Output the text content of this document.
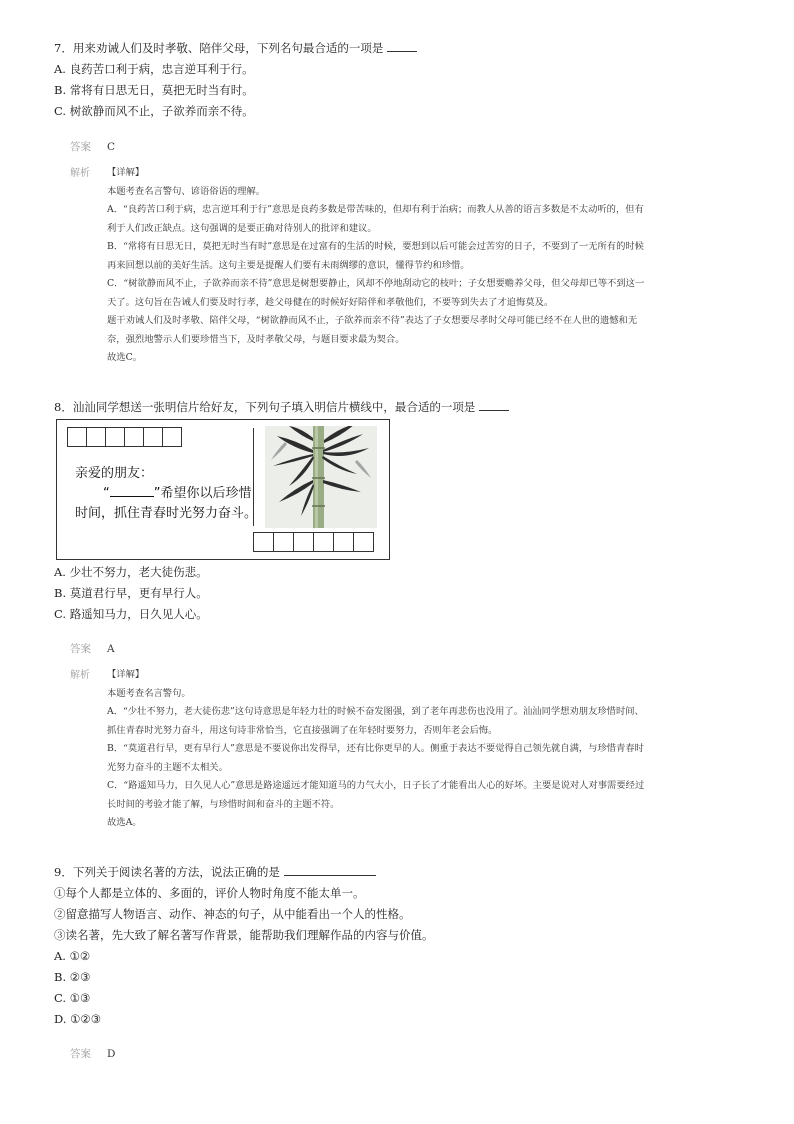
7．用来劝诫人们及时孝敬、陪伴父母，下列名句最合适的一项是
A. 良药苦口利于病，忠言逆耳利于行。
B. 常将有日思无日，莫把无时当有时。
C. 树欲静而风不止，子欲养而亲不待。
答案 C
解析 【详解】
本题考查名言警句、谚语俗语的理解。
A．“良药苦口利于病，忠言逆耳利于行”意思是良药多数是带苦味的，但却有利于治病；而教人从善的语言多数是不太动听的，但有
利于人们改正缺点。这句强调的是要正确对待别人的批评和建议。
B．“常将有日思无日，莫把无时当有时”意思是在过富有的生活的时候，要想到以后可能会过苦穷的日子，不要到了一无所有的时候
再来回想以前的美好生活。这句主要是提醒人们要有未雨绸缪的意识，懂得节约和珍惜。
C．“树欲静而风不止，子欲养而亲不待”意思是树想要静止，风却不停地刮动它的枝叶；子女想要赡养父母，但父母却已等不到这一
天了。这句旨在告诫人们要及时行孝，趁父母健在的时候好好陪伴和孝敬他们，不要等到失去了才追悔莫及。
题干劝诫人们及时孝敬、陪伴父母，“树欲静而风不止，子欲养而亲不待”表达了子女想要尽孝时父母可能已经不在人世的遗憾和无
奈，强烈地警示人们要珍惜当下，及时孝敬父母，与题目要求最为契合。
故选C。
8．汕汕同学想送一张明信片给好友，下列句子填入明信片横线中，最合适的一项是
亲爱的朋友：
“	”希望你以后珍惜
时间，抓住青春时光努力奋斗。
A. 少壮不努力，老大徒伤悲。
B. 莫道君行早，更有早行人。
C. 路遥知马力，日久见人心。
答案 A
解析 【详解】
本题考查名言警句。
A．“少壮不努力，老大徒伤悲”这句诗意思是年轻力壮的时候不奋发图强，到了老年再悲伤也没用了。汕汕同学想劝朋友珍惜时间、
抓住青春时光努力奋斗，用这句诗非常恰当，它直接强调了在年轻时要努力，否则年老会后悔。
B．“莫道君行早，更有早行人”意思是不要说你出发得早，还有比你更早的人。侧重于表达不要觉得自己领先就自满，与珍惜青春时
光努力奋斗的主题不太相关。
C．“路遥知马力，日久见人心”意思是路途遥远才能知道马的力气大小，日子长了才能看出人心的好坏。主要是说对人对事需要经过
长时间的考验才能了解，与珍惜时间和奋斗的主题不符。
故选A。
9．下列关于阅读名著的方法，说法正确的是
①每个人都是立体的、多面的，评价人物时角度不能太单一。
②留意描写人物语言、动作、神态的句子，从中能看出一个人的性格。
③读名著，先大致了解名著写作背景，能帮助我们理解作品的内容与价值。
A. ①②
B. ②③
C. ①③
D. ①②③
答案 D
